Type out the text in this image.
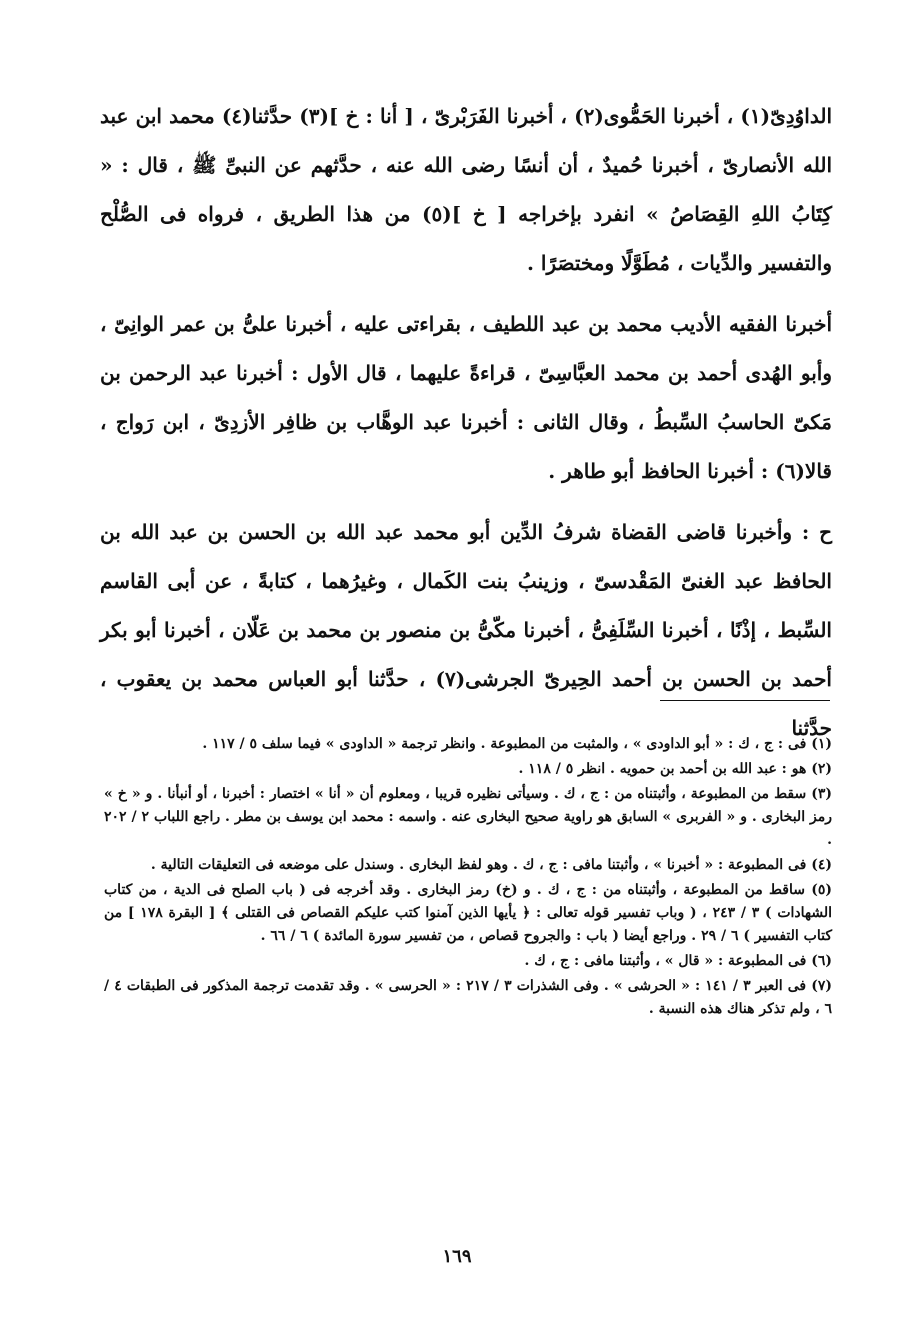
الداوُدِىّ(١) ، أخبرنا الحَمُّوى(٢) ، أخبرنا الفَرَبْرىّ ، [ أنا : خ ](٣) حدَّثنا(٤) محمد ابن عبد الله الأنصارىّ ، أخبرنا حُميدٌ ، أن أنسًا رضى الله عنه ، حدَّثهم عن النبىِّ ﷺ ، قال : « كِتَابُ اللهِ القِصَاصُ » انفرد بإخراجه [ خ ](٥) من هذا الطريق ، فرواه فى الصُّلْح والتفسير والدِّيات ، مُطَوَّلًا ومختصَرًا .

أخبرنا الفقيه الأديب محمد بن عبد اللطيف ، بقراءتى عليه ، أخبرنا علىُّ بن عمر الوانِىّ ، وأبو الهُدى أحمد بن محمد العبَّاسِىّ ، قراءةً عليهما ، قال الأول : أخبرنا عبد الرحمن بن مَكىّ الحاسبُ السِّبطُ ، وقال الثانى : أخبرنا عبد الوهَّاب بن ظافِر الأزدِىّ ، ابن رَواج ، قالا(٦) : أخبرنا الحافظ أبو طاهر .

ح : وأخبرنا قاضى القضاة شرفُ الدِّين أبو محمد عبد الله بن الحسن بن عبد الله بن الحافظ عبد الغنىّ المَقْدسىّ ، وزينبُ بنت الكَمال ، وغيرُهما ، كتابةً ، عن أبى القاسم السِّبط ، إذْنًا ، أخبرنا السِّلَفِىُّ ، أخبرنا مكّىُّ بن منصور بن محمد بن عَلّان ، أخبرنا أبو بكر أحمد بن الحسن بن أحمد الحِيرىّ الجرشى(٧) ، حدَّثنا أبو العباس محمد بن يعقوب ، حدَّثنا

(١) فى : ج ، ك : « أبو الداودى » ، والمثبت من المطبوعة . وانظر ترجمة « الداودى » فيما سلف ٥ / ١١٧ .

(٢) هو : عبد الله بن أحمد بن حمويه . انظر ٥ / ١١٨ .

(٣) سقط من المطبوعة ، وأثبتناه من : ج ، ك . وسيأتى نظيره قريبا ، ومعلوم أن « أنا » اختصار : أخبرنا ، أو أنبأنا . و « خ » رمز البخارى . و « الفربرى » السابق هو راوية صحيح البخارى عنه . واسمه : محمد ابن يوسف بن مطر . راجع اللباب ٢ / ٢٠٢ .

(٤) فى المطبوعة : « أخبرنا » ، وأثبتنا مافى : ج ، ك . وهو لفظ البخارى . وسندل على موضعه فى التعليقات التالية .

(٥) ساقط من المطبوعة ، وأثبتناه من : ج ، ك . و (خ) رمز البخارى . وقد أخرجه فى ( باب الصلح فى الدية ، من كتاب الشهادات ) ٣ / ٢٤٣ ، ( وباب تفسير قوله تعالى : ﴿ يأيها الذين آمنوا كتب عليكم القصاص فى القتلى ﴾ [ البقرة ١٧٨ ] من كتاب التفسير ) ٦ / ٢٩ . وراجع أيضا ( باب : والجروح قصاص ، من تفسير سورة المائدة ) ٦ / ٦٦ .

(٦) فى المطبوعة : « قال » ، وأثبتنا مافى : ج ، ك .

(٧) فى العبر ٣ / ١٤١ : « الحرشى » . وفى الشذرات ٣ / ٢١٧ : « الحرسى » . وقد تقدمت ترجمة المذكور فى الطبقات ٤ / ٦ ، ولم تذكر هناك هذه النسبة .

١٦٩
